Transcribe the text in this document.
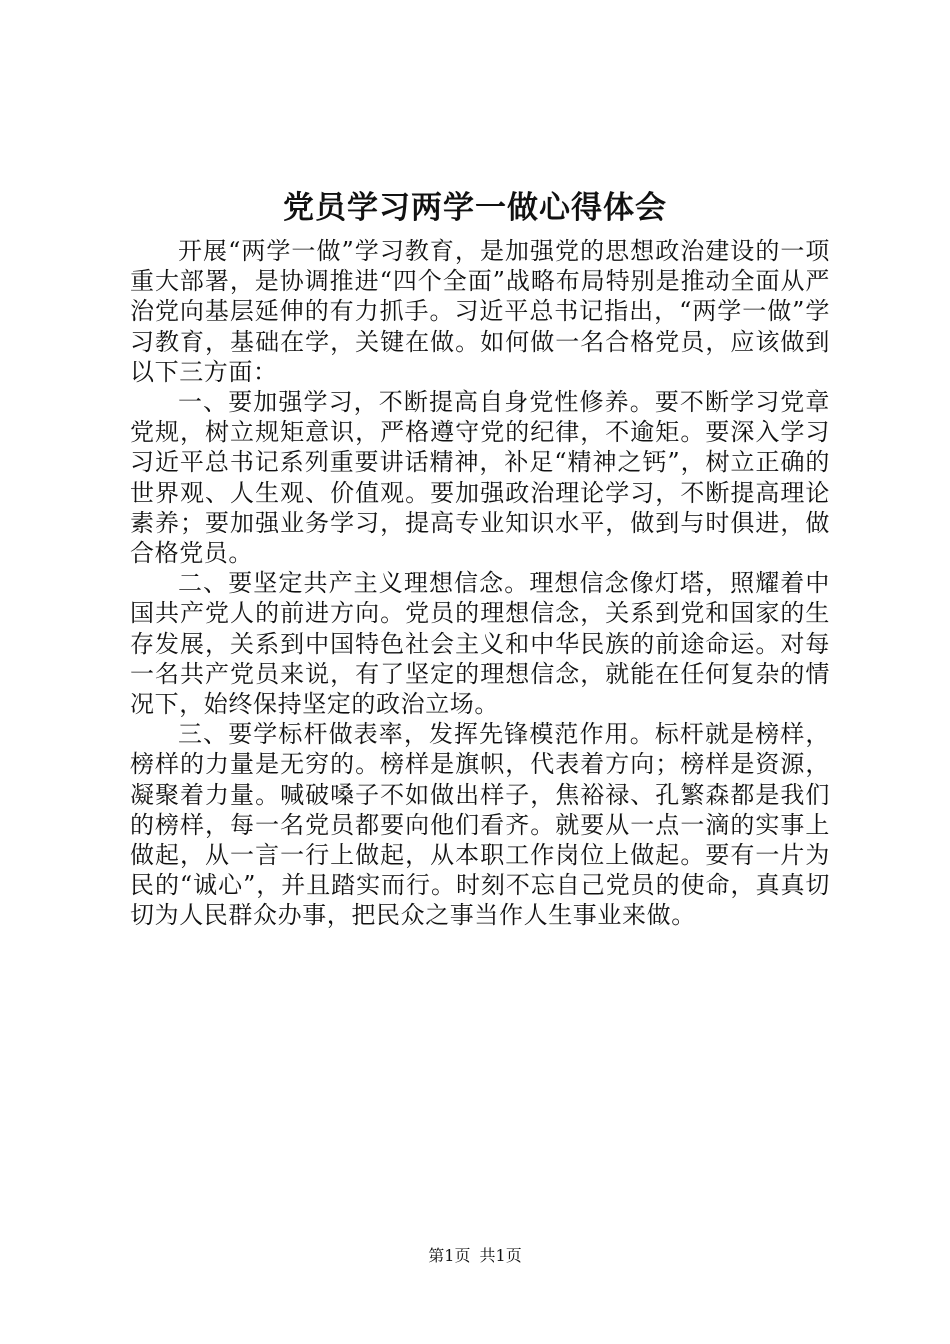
党员学习两学一做心得体会

开展“两学一做”学习教育，是加强党的思想政治建设的一项重大部署，是协调推进“四个全面”战略布局特别是推动全面从严治党向基层延伸的有力抓手。习近平总书记指出，“两学一做”学习教育，基础在学，关键在做。如何做一名合格党员，应该做到以下三方面：

一、要加强学习，不断提高自身党性修养。要不断学习党章党规，树立规矩意识，严格遵守党的纪律，不逾矩。要深入学习习近平总书记系列重要讲话精神，补足“精神之钙”，树立正确的世界观、人生观、价值观。要加强政治理论学习，不断提高理论素养；要加强业务学习，提高专业知识水平，做到与时俱进，做合格党员。

二、要坚定共产主义理想信念。理想信念像灯塔，照耀着中国共产党人的前进方向。党员的理想信念，关系到党和国家的生存发展，关系到中国特色社会主义和中华民族的前途命运。对每一名共产党员来说，有了坚定的理想信念，就能在任何复杂的情况下，始终保持坚定的政治立场。

三、要学标杆做表率，发挥先锋模范作用。标杆就是榜样，榜样的力量是无穷的。榜样是旗帜，代表着方向；榜样是资源，凝聚着力量。喊破嗓子不如做出样子，焦裕禄、孔繁森都是我们的榜样，每一名党员都要向他们看齐。就要从一点一滴的实事上做起，从一言一行上做起，从本职工作岗位上做起。要有一片为民的“诚心”，并且踏实而行。时刻不忘自己党员的使命，真真切切为人民群众办事，把民众之事当作人生事业来做。

第1页 共1页
